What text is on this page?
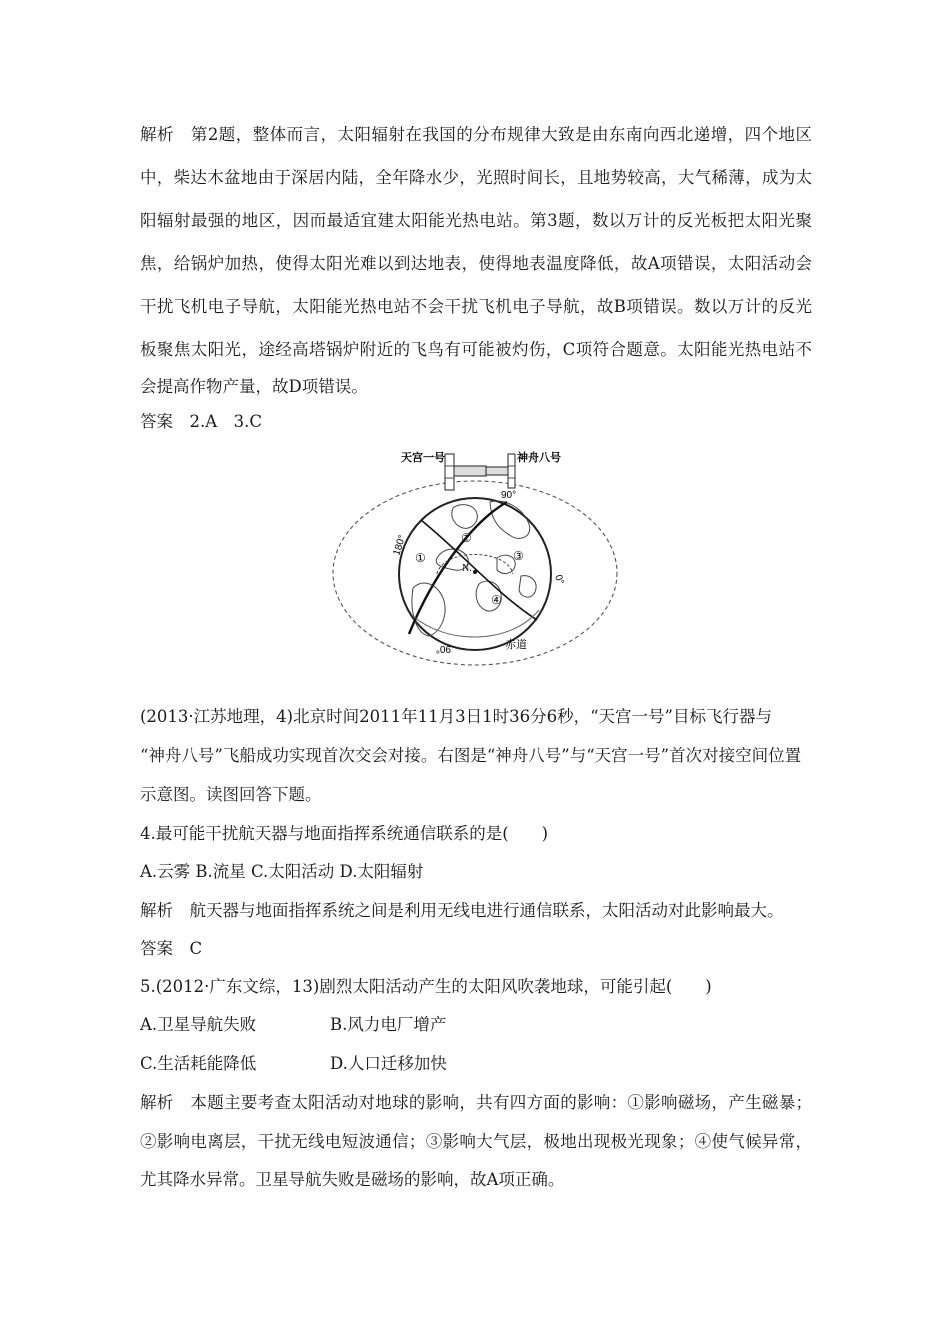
解析　第2题，整体而言，太阳辐射在我国的分布规律大致是由东南向西北递增，四个地区
中，柴达木盆地由于深居内陆，全年降水少，光照时间长，且地势较高，大气稀薄，成为太
阳辐射最强的地区，因而最适宜建太阳能光热电站。第3题，数以万计的反光板把太阳光聚
焦，给锅炉加热，使得太阳光难以到达地表，使得地表温度降低，故A项错误，太阳活动会
干扰飞机电子导航，太阳能光热电站不会干扰飞机电子导航，故B项错误。数以万计的反光
板聚焦太阳光，途经高塔锅炉附近的飞鸟有可能被灼伤，C项符合题意。太阳能光热电站不
会提高作物产量，故D项错误。
答案　2.A　3.C
天宫一号	神舟八号
90°
180°
0°
90°	赤道
N.
①
②
③
④
(2013·江苏地理，4)北京时间2011年11月3日1时36分6秒，“天宫一号”目标飞行器与
“神舟八号”飞船成功实现首次交会对接。右图是“神舟八号”与“天宫一号”首次对接空间位置
示意图。读图回答下题。
4.最可能干扰航天器与地面指挥系统通信联系的是(　　)
A.云雾 B.流星 C.太阳活动 D.太阳辐射
解析　航天器与地面指挥系统之间是利用无线电进行通信联系，太阳活动对此影响最大。
答案　C
5.(2012·广东文综，13)剧烈太阳活动产生的太阳风吹袭地球，可能引起(　　)
A.卫星导航失败	B.风力电厂增产
C.生活耗能降低	D.人口迁移加快
解析　本题主要考查太阳活动对地球的影响，共有四方面的影响：①影响磁场，产生磁暴；
②影响电离层，干扰无线电短波通信；③影响大气层，极地出现极光现象；④使气候异常，
尤其降水异常。卫星导航失败是磁场的影响，故A项正确。
